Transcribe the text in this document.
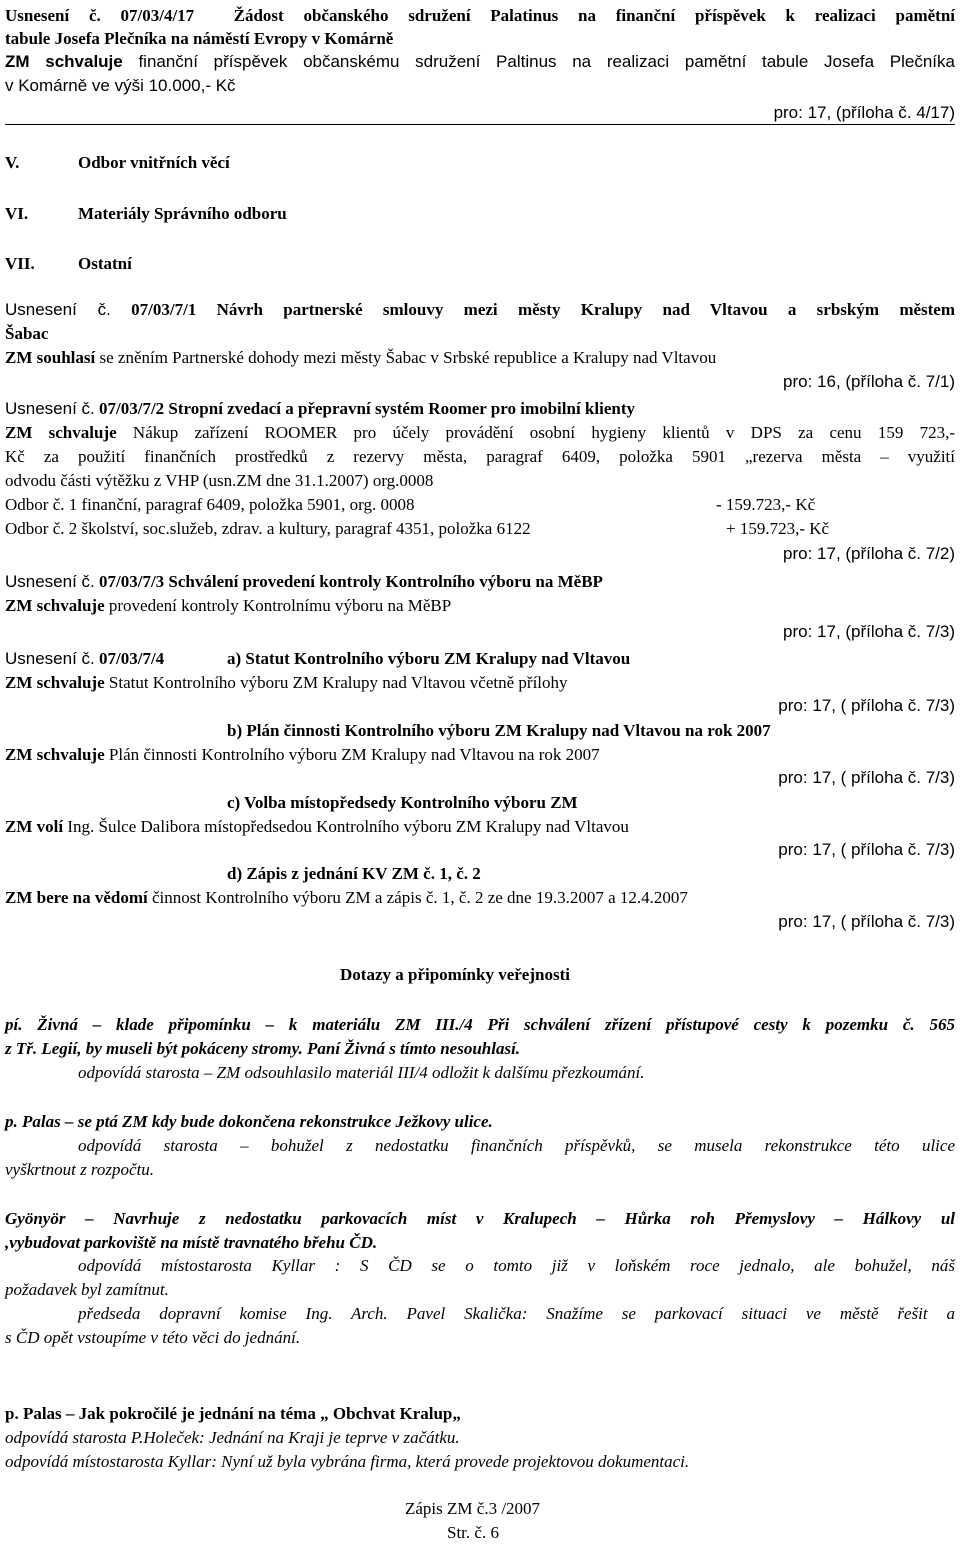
Usnesení č. 07/03/4/17 Žádost občanského sdružení Palatinus na finanční příspěvek k realizaci pamětní
tabule Josefa Plečníka na náměstí Evropy v Komárně
ZM schvaluje finanční příspěvek občanskému sdružení Paltinus na realizaci pamětní tabule Josefa Plečníka
v Komárně ve výši 10.000,- Kč
pro: 17, (příloha č. 4/17)
V.	Odbor vnitřních věcí
VI.	Materiály Správního odboru
VII.	Ostatní
Usnesení č. 07/03/7/1 Návrh partnerské smlouvy mezi městy Kralupy nad Vltavou a srbským městem
Šabac
ZM souhlasí se zněním Partnerské dohody mezi městy Šabac v Srbské republice a Kralupy nad Vltavou
pro: 16, (příloha č. 7/1)
Usnesení č. 07/03/7/2 Stropní zvedací a přepravní systém Roomer pro imobilní klienty
ZM schvaluje Nákup zařízení ROOMER pro účely provádění osobní hygieny klientů v DPS za cenu 159 723,-
Kč za použití finančních prostředků z rezervy města, paragraf 6409, položka 5901 „rezerva města – využití
odvodu části výtěžku z VHP (usn.ZM dne 31.1.2007) org.0008
Odbor č. 1 finanční, paragraf 6409, položka 5901, org. 0008	- 159.723,- Kč
Odbor č. 2 školství, soc.služeb, zdrav. a kultury, paragraf 4351, položka 6122	+ 159.723,- Kč
pro: 17, (příloha č. 7/2)
Usnesení č. 07/03/7/3 Schválení provedení kontroly Kontrolního výboru na MěBP
ZM schvaluje provedení kontroly Kontrolnímu výboru na MěBP
pro: 17, (příloha č. 7/3)
Usnesení č. 07/03/7/4	a) Statut Kontrolního výboru ZM Kralupy nad Vltavou
ZM schvaluje Statut Kontrolního výboru ZM Kralupy nad Vltavou včetně přílohy
pro: 17, ( příloha č. 7/3)
b) Plán činnosti Kontrolního výboru ZM Kralupy nad Vltavou na rok 2007
ZM schvaluje Plán činnosti Kontrolního výboru ZM Kralupy nad Vltavou na rok 2007
pro: 17, ( příloha č. 7/3)
c) Volba místopředsedy Kontrolního výboru ZM
ZM volí Ing. Šulce Dalibora místopředsedou Kontrolního výboru ZM Kralupy nad Vltavou
pro: 17, ( příloha č. 7/3)
d) Zápis z jednání KV ZM č. 1, č. 2
ZM bere na vědomí činnost Kontrolního výboru ZM a zápis č. 1, č. 2 ze dne 19.3.2007 a 12.4.2007
pro: 17, ( příloha č. 7/3)
Dotazy a připomínky veřejnosti
pí. Živná – klade připomínku – k materiálu ZM III./4 Při schválení zřízení přístupové cesty k pozemku č. 565
z Tř. Legií, by museli být pokáceny stromy. Paní Živná s tímto nesouhlasí.
odpovídá starosta – ZM odsouhlasilo materiál III/4 odložit k dalšímu přezkoumání.
p. Palas – se ptá ZM kdy bude dokončena rekonstrukce Ježkovy ulice.
odpovídá starosta – bohužel z nedostatku finančních příspěvků, se musela rekonstrukce této ulice
vyškrtnout z rozpočtu.
Gyönyör – Navrhuje z nedostatku parkovacích míst v Kralupech – Hůrka roh Přemyslovy – Hálkovy ul
,vybudovat parkoviště na místě travnatého břehu ČD.
odpovídá místostarosta Kyllar : S ČD se o tomto již v loňském roce jednalo, ale bohužel, náš
požadavek byl zamítnut.
předseda dopravní komise Ing. Arch. Pavel Skalička: Snažíme se parkovací situaci ve městě řešit a
s ČD opět vstoupíme v této věci do jednání.
p. Palas – Jak pokročilé je jednání na téma „ Obchvat Kralup„
odpovídá starosta P.Holeček: Jednání na Kraji je teprve v začátku.
odpovídá místostarosta Kyllar: Nyní už byla vybrána firma, která provede projektovou dokumentaci.
Zápis ZM č.3 /2007
Str. č. 6
